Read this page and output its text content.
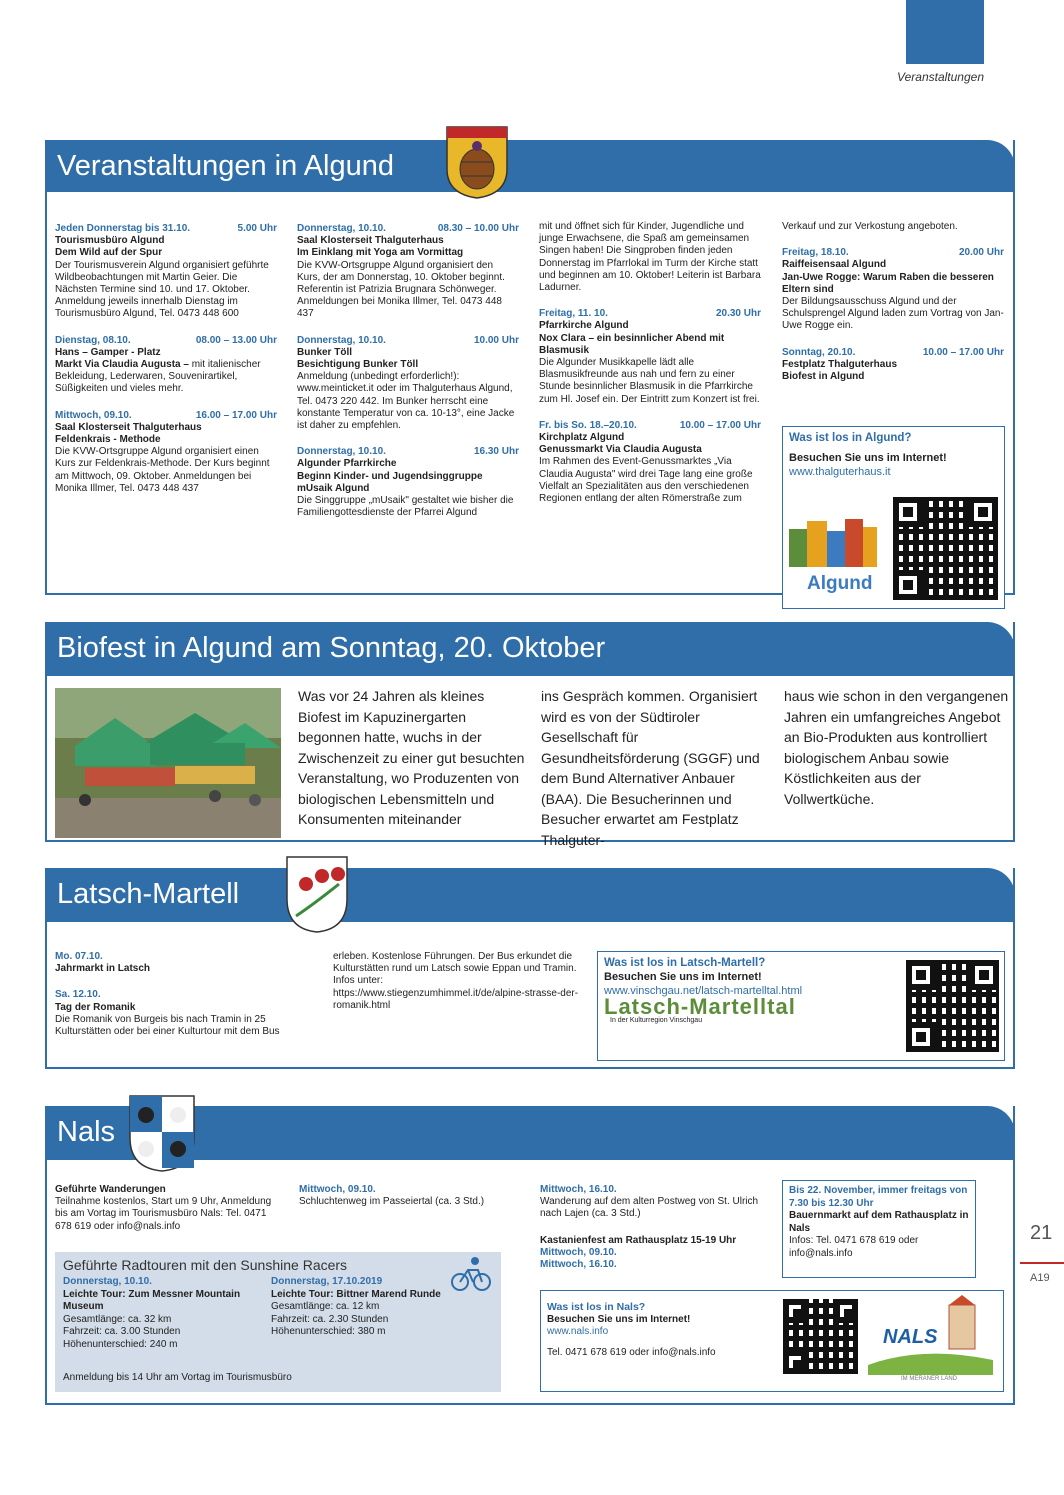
Veranstaltungen
Veranstaltungen in Algund
Jeden Donnerstag bis 31.10.	5.00 Uhr
Tourismusbüro Algund
Dem Wild auf der Spur
Der Tourismusverein Algund organisiert geführte Wildbeobachtungen mit Martin Geier. Die Nächsten Termine sind 10. und 17. Oktober. Anmeldung jeweils innerhalb Dienstag im Tourismusbüro Algund, Tel. 0473 448 600
Dienstag, 08.10.	08.00 – 13.00 Uhr
Hans – Gamper - Platz
Markt Via Claudia Augusta – mit italienischer Bekleidung, Lederwaren, Souvenirartikel, Süßigkeiten und vieles mehr.
Mittwoch, 09.10.	16.00 – 17.00 Uhr
Saal Klosterseit Thalguterhaus
Feldenkrais - Methode
Die KVW-Ortsgruppe Algund organisiert einen Kurs zur Feldenkrais-Methode. Der Kurs beginnt am Mittwoch, 09. Oktober. Anmeldungen bei Monika Illmer, Tel. 0473 448 437
Donnerstag, 10.10.	08.30 – 10.00 Uhr
Saal Klosterseit Thalguterhaus
Im Einklang mit Yoga am Vormittag
Die KVW-Ortsgruppe Algund organisiert den Kurs, der am Donnerstag, 10. Oktober beginnt. Referentin ist Patrizia Brugnara Schönweger. Anmeldungen bei Monika Illmer, Tel. 0473 448 437
Donnerstag, 10.10.	10.00 Uhr
Bunker Töll
Besichtigung Bunker Töll
Anmeldung (unbedingt erforderlich!): www.meinticket.it oder im Thalguterhaus Algund, Tel. 0473 220 442. Im Bunker herrscht eine konstante Temperatur von ca. 10-13°, eine Jacke ist daher zu empfehlen.
Donnerstag, 10.10.	16.30 Uhr
Algunder Pfarrkirche
Beginn Kinder- und Jugendsinggruppe mUsaik Algund
Die Singgruppe „mUsaik" gestaltet wie bisher die Familiengottesdienste der Pfarrei Algund
mit und öffnet sich für Kinder, Jugendliche und junge Erwachsene, die Spaß am gemeinsamen Singen haben! Die Singproben finden jeden Donnerstag im Pfarrlokal im Turm der Kirche statt und beginnen am 10. Oktober! Leiterin ist Barbara Ladurner.
Freitag, 11. 10.	20.30 Uhr
Pfarrkirche Algund
Nox Clara – ein besinnlicher Abend mit Blasmusik
Die Algunder Musikkapelle lädt alle Blasmusikfreunde aus nah und fern zu einer Stunde besinnlicher Blasmusik in die Pfarrkirche zum Hl. Josef ein. Der Eintritt zum Konzert ist frei.
Fr. bis So. 18.–20.10.	10.00 – 17.00 Uhr
Kirchplatz Algund
Genussmarkt Via Claudia Augusta
Im Rahmen des Event-Genussmarktes „Via Claudia Augusta" wird drei Tage lang eine große Vielfalt an Spezialitäten aus den verschiedenen Regionen entlang der alten Römerstraße zum
Verkauf und zur Verkostung angeboten.
Freitag, 18.10.	20.00 Uhr
Raiffeisensaal Algund
Jan-Uwe Rogge: Warum Raben die besseren Eltern sind
Der Bildungsausschuss Algund und der Schulsprengel Algund laden zum Vortrag von Jan-Uwe Rogge ein.
Sonntag, 20.10.	10.00 – 17.00 Uhr
Festplatz Thalguterhaus
Biofest in Algund
Was ist los in Algund?
Besuchen Sie uns im Internet!
www.thalguterhaus.it
Algund
Biofest in Algund am Sonntag, 20. Oktober
Was vor 24 Jahren als kleines Biofest im Kapuzinergarten begonnen hatte, wuchs in der Zwischenzeit zu einer gut besuchten Veranstaltung, wo Produzenten von biologischen Lebensmitteln und Konsumenten miteinander
ins Gespräch kommen. Organisiert wird es von der Südtiroler Gesellschaft für Gesundheitsförderung (SGGF) und dem Bund Alternativer Anbauer (BAA). Die Besucherinnen und Besucher erwartet am Festplatz Thalguter-
haus wie schon in den vergangenen Jahren ein umfangreiches Angebot an Bio-Produkten aus kontrolliert biologischem Anbau sowie Köstlichkeiten aus der Vollwertküche.
Latsch-Martell
Mo. 07.10.
Jahrmarkt in Latsch
Sa. 12.10.
Tag der Romanik
Die Romanik von Burgeis bis nach Tramin in 25 Kulturstätten oder bei einer Kulturtour mit dem Bus
erleben. Kostenlose Führungen. Der Bus erkundet die Kulturstätten rund um Latsch sowie Eppan und Tramin.
Infos unter:
https://www.stiegenzumhimmel.it/de/alpine-strasse-der-romanik.html
Was ist los in Latsch-Martell?
Besuchen Sie uns im Internet!
www.vinschgau.net/latsch-martelltal.html
Latsch-Martelltal
In der Kulturregion Vinschgau
Nals
Geführte Wanderungen
Teilnahme kostenlos, Start um 9 Uhr, Anmeldung bis am Vortag im Tourismusbüro Nals: Tel. 0471 678 619 oder info@nals.info
Mittwoch, 09.10.
Schluchtenweg im Passeiertal (ca. 3 Std.)
Mittwoch, 16.10.
Wanderung auf dem alten Postweg von St. Ulrich nach Lajen (ca. 3 Std.)
Kastanienfest am Rathausplatz 15-19 Uhr
Mittwoch, 09.10.
Mittwoch, 16.10.
Bis 22. November, immer freitags von 7.30 bis 12.30 Uhr
Bauernmarkt auf dem Rathausplatz in Nals
Infos: Tel. 0471 678 619 oder info@nals.info
Geführte Radtouren mit den Sunshine Racers
Donnerstag, 10.10.
Leichte Tour: Zum Messner Mountain Museum
Gesamtlänge: ca. 32 km
Fahrzeit: ca. 3.00 Stunden
Höhenunterschied: 240 m
Donnerstag, 17.10.2019
Leichte Tour: Bittner Marend Runde
Gesamtlänge: ca. 12 km
Fahrzeit: ca. 2.30 Stunden
Höhenunterschied: 380 m
Anmeldung bis 14 Uhr am Vortag im Tourismusbüro
Was ist los in Nals?
Besuchen Sie uns im Internet!
www.nals.info
Tel. 0471 678 619 oder info@nals.info
NALS
IM MERANER LAND
21
A19
